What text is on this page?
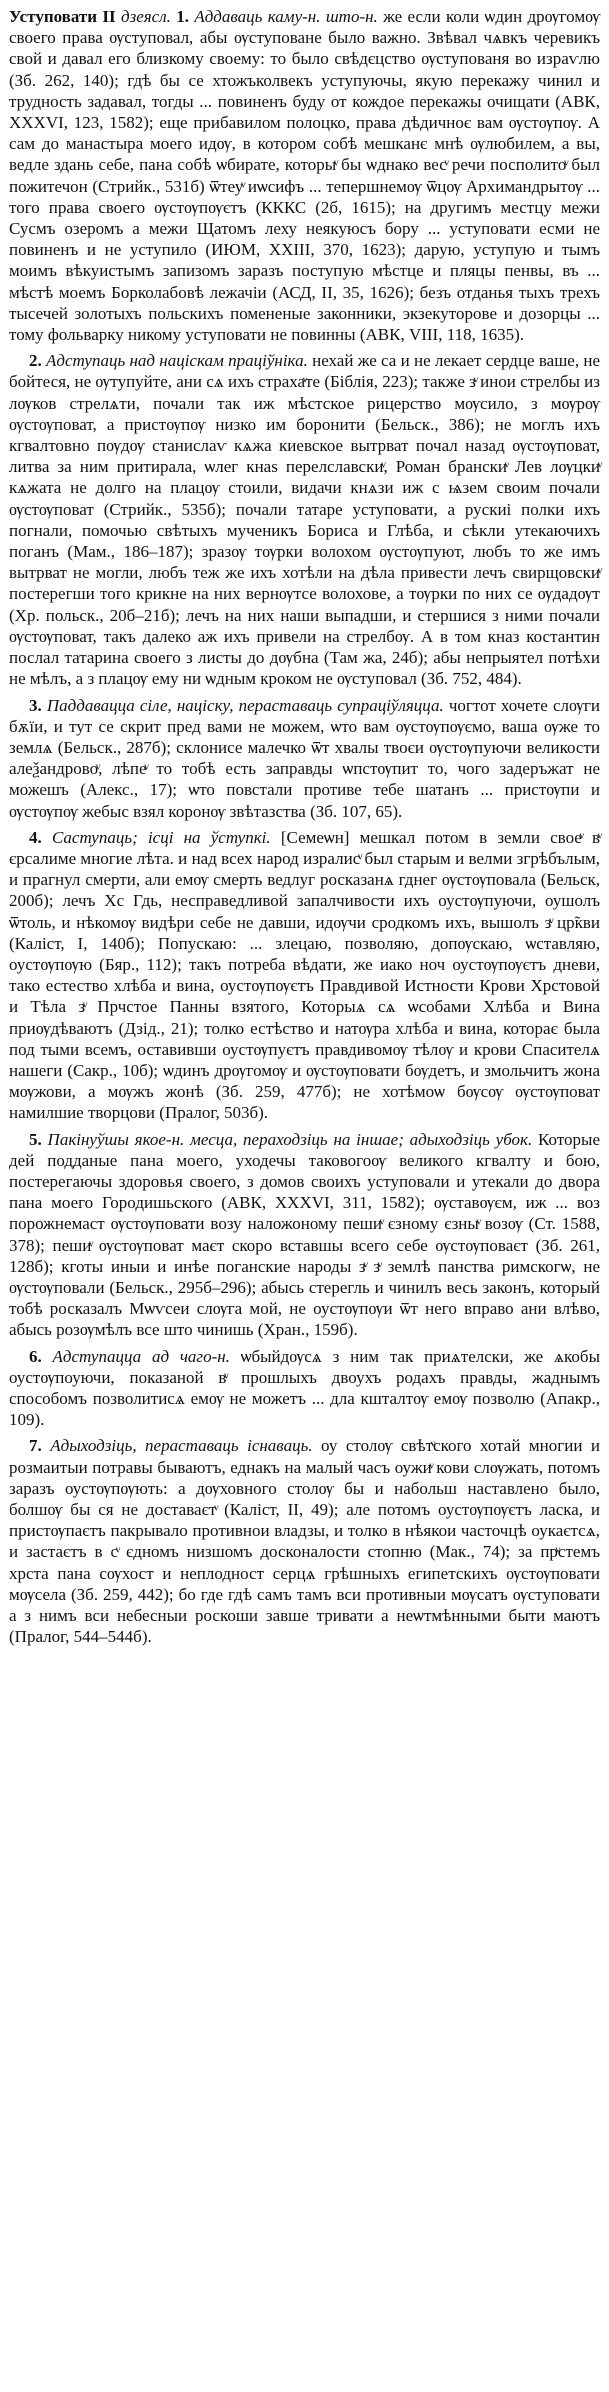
Уступовати II дзеясл. 1. Аддаваць каму-н. што-н. же если коли ѡдин дрѹгомѹ своего права ѹступовал, абы ѹступоване было важно. Звѣвал чѧвкъ черевикъ свой и давал его близкому своему: то было свѣдєцство ѹступованя во израѵлю (Зб. 262, 140); гдѣ бы се хтожъколвекъ уступуючы, якую перекажу чинил и трудность задавал, тогды ... повиненъ буду от кождое перекажы очищати (АВК, XXXVI, 123, 1582); еще прибавилом полоцко, права дѣдичноє вам ѹстѹпѹ. А сам до манастыра моего идѹ, в котором собѣ мешканє мнѣ ѹлюбилем, а вы, ведле здань себе, пана собѣ ѡбирате, которыͮ бы ѡднако весͮ речи посполитоͮ был пожитечон (Стрийк., 531б) ѿтеуͮ иѡсифъ ... тепершнемѹ ѿцѹ Архимандрытѹ ... того права своего ѹстѹпѹєтъ (КККС (2б, 1615); на другимъ местцу межи Сусмъ озеромъ а межи Щатомъ леху неякуюсъ бору ... уступовати есми не повиненъ и не уступило (ИЮМ, XXIII, 370, 1623); дарую, уступую и тымъ моимъ вѣкуистымъ запизомъ заразъ поступую мѣстце и пляцы пенвы, въ ... мѣстѣ моемъ Борколабовѣ лежачіи (АСД, II, 35, 1626); безъ отданья тыхъ трехъ тысечей золотыхъ польскихъ помененые законники, экзекуторове и дозорцы ... тому фольварку никому уступовати не повинны (АВК, VIII, 118, 1635).

2. Адступаць над націскам праціўніка. нехай же са и не лекает сердце ваше, не бойтеся, не ѹтупуйте, ани сѧ ихъ страхаͮте (Біблія, 223); также зͮ инои стрелбы из лѹков стрелѧти, почали так иж мѣстское рицерство мѹсило, з мѹрѹ ѹстѹповат, а пристѹпѹ низко им боронити (Бельск., 386); не моглъ ихъ кгвалтовно пѹдѹ станислаѵ кѧжа киевское вытрват почал назад ѹстѹповат, литва за ним притирала, ѡлег кнаѕ перелславскиͮ, Роман бранскиͮ Лев лѹцкиͮ кѧжата не долго на плацѹ стоили, видачи кнѧзи иж с ѩзем своим почали ѹстѹповат (Стрийк., 535б); почали татаре уступовати, а рускиі полки ихъ погнали, помочью свѣтыхъ мученикъ Бориса и Глѣба, и сѣкли утекаючихъ поганъ (Мам., 186–187); зразѹ тѹрки волохом ѹстѹпуют, любъ то же имъ вытрват не могли, любъ теж же ихъ хотѣли на дѣла привести лечъ свирщовскиͮ постерегши того крикне на них вернѹтсе волохове, а тѹрки по них се ѹдадѹт (Хр. польск., 20б–21б); лечъ на них наши выпадши, и стершися з ними почали ѹстѹповат, такъ далеко аж ихъ привели на стрелбѹ. А в том кназ костантин послал татарина своего з листы до дѹбна (Там жа, 24б); абы непрыятел потѣхи не мѣлъ, а з плацѹ ему ни ѡдным кроком не ѹступовал (Зб. 752, 484).

3. Паддавацца сіле, націску, пераставаць супраціўляцца. чогтот хочете слѹги бѫїи, и тут се скрит пред вами не можем, ѡто вам ѹстѹпѹємо, ваша ѹже то землѧ (Бельск., 287б); склонисе малечко ѿт хвалы твоєи ѹстѹпуючи великости алеѯандровоͮ, лѣпеͮ то тобѣ есть заправды ѡпстѹпит то, чого задеръжат не можешъ (Алекс., 17); ѡто повстали противе тебе шатанъ ... пристѹпи и ѹстѹпѹ жебыс взял коронѹ звѣтазства (Зб. 107, 65).

4. Саступаць; ісці на ўступкі. [Семеѡн] мешкал потом в земли своеͮ вͮ єрсалиме многие лѣта. и над всех народ изралисͮ был старым и велми згрѣбълым, и прагнул смерти, али емѹ смерть ведлуг росказанѧ гднег ѹстѹповала (Бельск, 200б); лечъ Хс Гдь, несправедливой запалчивости ихъ оустѹпуючи, оушолъ ѿтоль, и нѣкомѹ видѣри себе не давши, идѹчи сродкомъ ихъ, вышолъ зͮ цр̃кви (Каліст, I, 140б); Попускаю: ... злецаю, позволяю, допѹскаю, ѡставляю, оустѹпѹю (Бяр., 112); такъ потреба вѣдати, же иако ноч оустѹпѹєтъ дневи, тако естество хлѣба и вина, оустѹпѹєтъ Правдивой Истности Крови Хрстовой и Тѣла зͮ Прчстое Панны взятого, Которыѧ сѧ ѡсобами Хлѣба и Вина приѹдѣваютъ (Дзід., 21); толко естѣство и натѹра хлѣба и вина, которає была под тыми всемъ, оставивши оустѹпуєтъ правдивомѹ тѣлѹ и крови Спасителѧ нашеги (Сакр., 10б); ѡдинъ дрѹгомѹ и ѹстѹповати бѹдетъ, и змольчитъ жона мѹжови, а мѹжъ жонѣ (Зб. 259, 477б); не хотѣмоѡ бѹсѹ ѹстѹповат намилшие творцови (Пралог, 503б).

5. Пакінуўшы якое-н. месца, пераходзіць на іншае; адыходзіць убок. Которые дей подданые пана моего, уходечы таковогоѹ великого кгвалту и бою, постерегаючы здоровья своего, з домов своихъ уступовали и утекали до двора пана моего Городишьского (АВК, XXXVI, 311, 1582); ѹставѹєм, иж ... воз порожнемаст ѹстѹповати возу наложоному пешиͮ єзному єзныͮ возѹ (Ст. 1588, 378); пешиͮ ѹстѹповат маєт скоро вставшы всего себе ѹстѹповаєт (Зб. 261, 128б); кготы иныи и инѣе поганские народы зͮ зͮ землѣ панства римскогѡ, не ѹстѹповали (Бельск., 295б–296); абысь стерегль и чинилъ весь законъ, который тобѣ росказалъ Мѡѵсеи слѹга мой, не оустѹпѹи ѿт него вправо ани влѣво, абысь розѹмѣлъ все што чинишь (Хран., 159б).

6. Адступацца ад чаго-н. ѡбыйдѹсѧ з ним так приѧтелски, же ѧкобы оустѹпоуючи, показаной вͮ прошлыхъ двоухъ родахъ правды, жаднымъ способомъ позволитисѧ емѹ не можетъ ... дла кшталтѹ емѹ позволю (Апакр., 109).

7. Адыходзіць, пераставаць існаваць. оу столѹ свѣтͮского хотай многии и розмаитыи потравы бываютъ, еднакъ на малый часъ оужиͮ кови слѹжать, потомъ заразъ оустѹпѹють: а дѹховного столѹ бы и набольш наставлено было, болшѹ бы ся не доставаєтͮ (Каліст, II, 49); але потомъ оустѹпѹєтъ ласка, и пристѹпаєтъ пакрывало противнои владзы, и толко в нѣякои часточцѣ оукаєтсѧ, и застаєтъ в сͮ єдномъ низшомъ досконалости стопню (Мак., 74); за прͮстемъ хрста пана сѹхост и неплодност серцѧ грѣшныхъ египетскихъ ѹстѹповати мѹсела (Зб. 259, 442); бо где гдѣ самъ тамъ вси противныи мѹсатъ ѹступовати а з нимъ вси небесныи роскоши завше тривати а неѡтмѣнными быти маютъ (Пралог, 544–544б).
